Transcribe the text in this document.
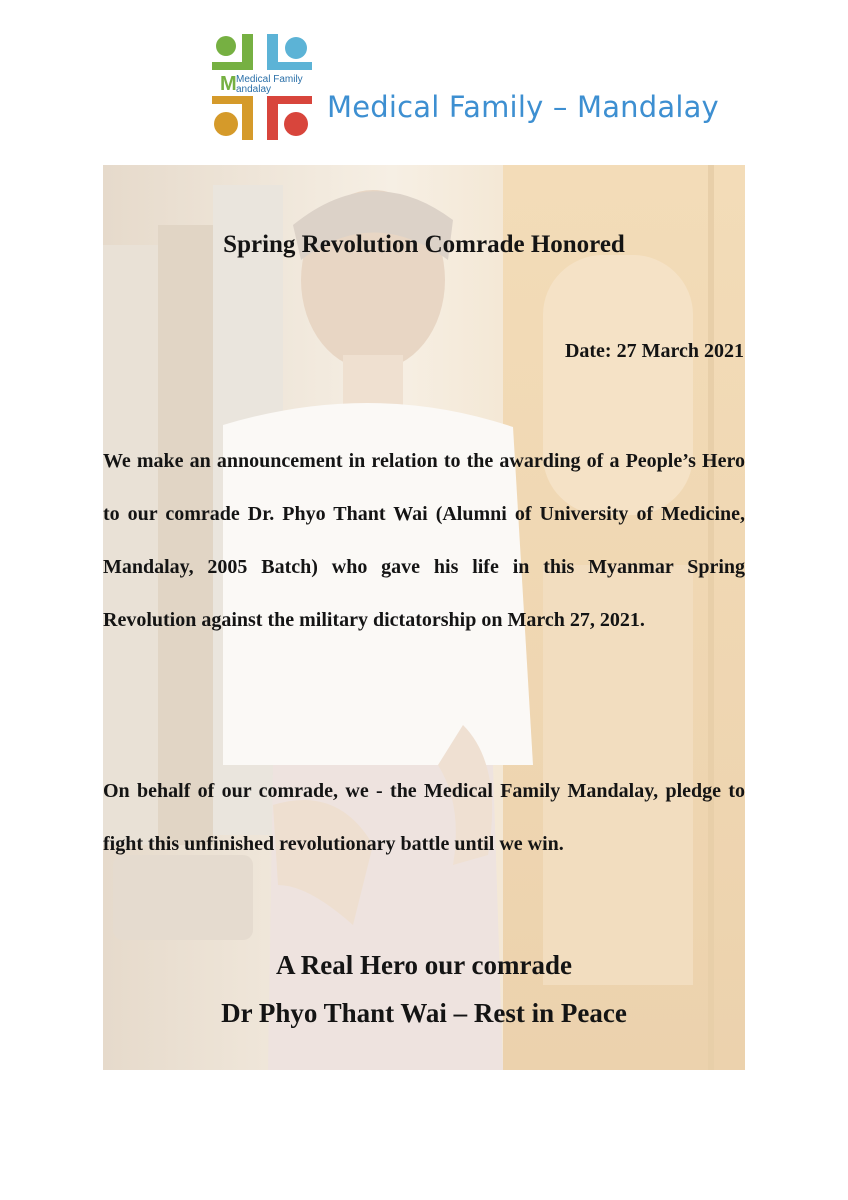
M Medical Family
andalay
Medical Family – Mandalay
Spring Revolution Comrade Honored
Date: 27 March 2021

We make an announcement in relation to the awarding of a People’s Hero to our comrade Dr. Phyo Thant Wai (Alumni of University of Medicine, Mandalay, 2005 Batch) who gave his life in this Myanmar Spring Revolution against the military dictatorship on March 27, 2021.

On behalf of our comrade, we - the Medical Family Mandalay, pledge to fight this unfinished revolutionary battle until we win.

A Real Hero our comrade
Dr Phyo Thant Wai – Rest in Peace
